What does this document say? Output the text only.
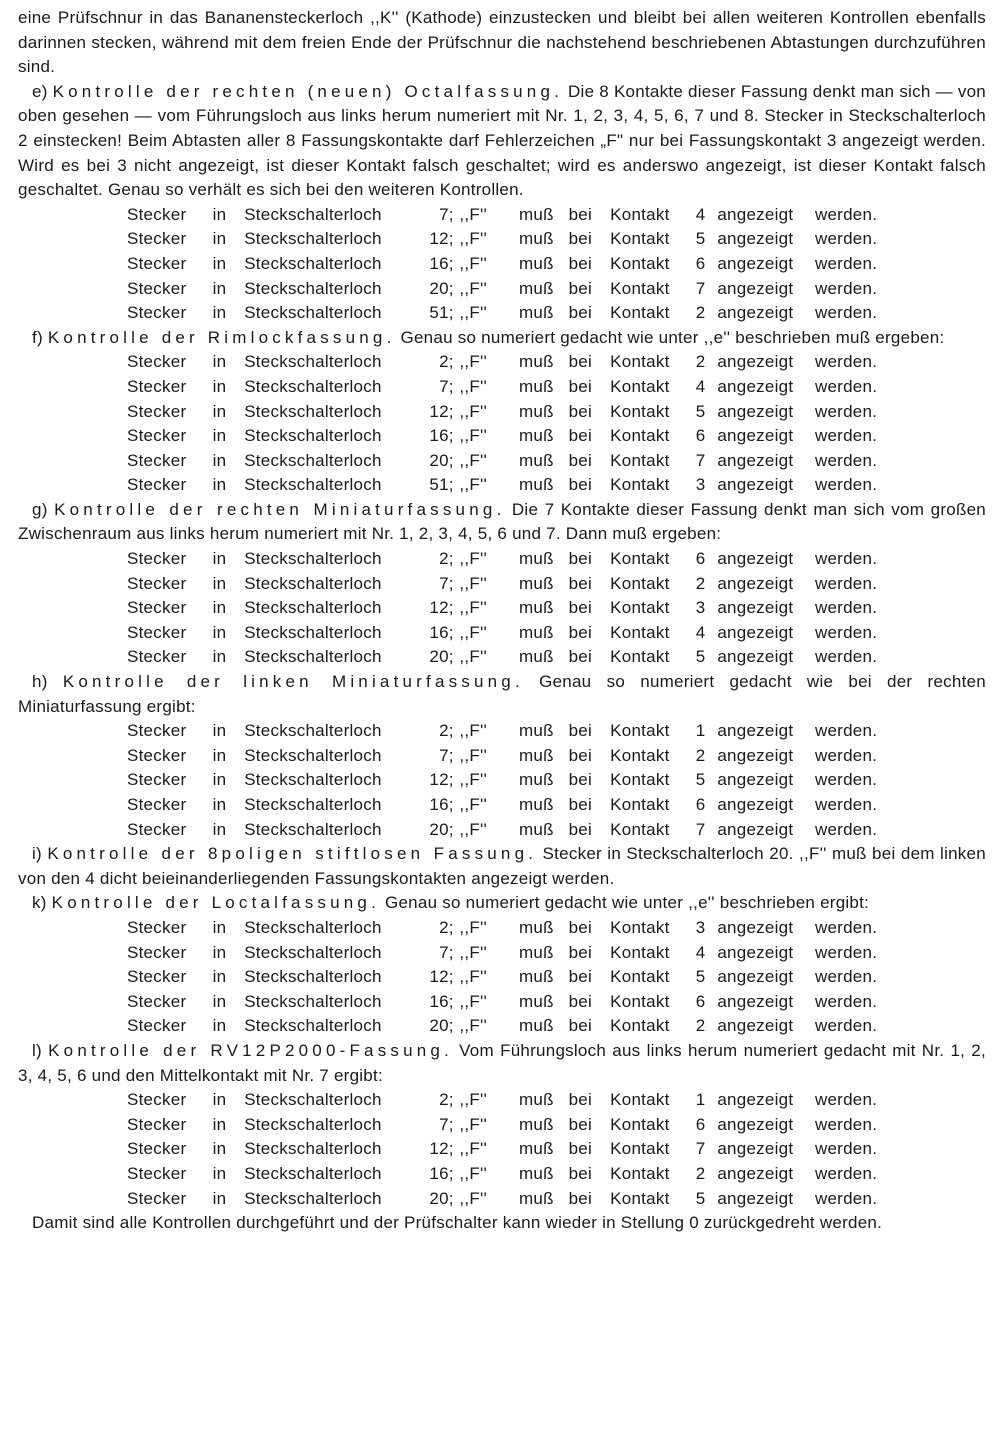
eine Prüfschnur in das Bananensteckerloch ,,K'' (Kathode) einzustecken und bleibt bei allen weiteren Kontrollen ebenfalls darinnen stecken, während mit dem freien Ende der Prüfschnur die nachstehend beschriebenen Abtastungen durchzuführen sind.

e) Kontrolle der rechten (neuen) Octalfassung. Die 8 Kontakte dieser Fassung denkt man sich — von oben gesehen — vom Führungsloch aus links herum numeriert mit Nr. 1, 2, 3, 4, 5, 6, 7 und 8. Stecker in Steckschalterloch 2 einstecken! Beim Abtasten aller 8 Fassungskontakte darf Fehlerzeichen „F" nur bei Fassungskontakt 3 angezeigt werden. Wird es bei 3 nicht angezeigt, ist dieser Kontakt falsch geschaltet; wird es anderswo angezeigt, ist dieser Kontakt falsch geschaltet. Genau so verhält es sich bei den weiteren Kontrollen.

Stecker	in	Steckschalterloch	7; ,,F''	muß bei	Kontakt	4 angezeigt	werden.
Stecker	in	Steckschalterloch	12; ,,F''	muß bei	Kontakt	5 angezeigt	werden.
Stecker	in	Steckschalterloch	16; ,,F''	muß bei	Kontakt	6 angezeigt	werden.
Stecker	in	Steckschalterloch	20; ,,F''	muß bei	Kontakt	7 angezeigt	werden.
Stecker	in	Steckschalterloch	51; ,,F''	muß bei	Kontakt	2 angezeigt	werden.

f) Kontrolle der Rimlockfassung. Genau so numeriert gedacht wie unter ,,e'' beschrieben muß ergeben:

Stecker	in	Steckschalterloch	2; ,,F''	muß bei	Kontakt	2 angezeigt	werden.
Stecker	in	Steckschalterloch	7; ,,F''	muß bei	Kontakt	4 angezeigt	werden.
Stecker	in	Steckschalterloch	12; ,,F''	muß bei	Kontakt	5 angezeigt	werden.
Stecker	in	Steckschalterloch	16; ,,F''	muß bei	Kontakt	6 angezeigt	werden.
Stecker	in	Steckschalterloch	20; ,,F''	muß bei	Kontakt	7 angezeigt	werden.
Stecker	in	Steckschalterloch	51; ,,F''	muß bei	Kontakt	3 angezeigt	werden.

g) Kontrolle der rechten Miniaturfassung. Die 7 Kontakte dieser Fassung denkt man sich vom großen Zwischenraum aus links herum numeriert mit Nr. 1, 2, 3, 4, 5, 6 und 7. Dann muß ergeben:

Stecker	in	Steckschalterloch	2; ,,F''	muß bei	Kontakt	6 angezeigt	werden.
Stecker	in	Steckschalterloch	7; ,,F''	muß bei	Kontakt	2 angezeigt	werden.
Stecker	in	Steckschalterloch	12; ,,F''	muß bei	Kontakt	3 angezeigt	werden.
Stecker	in	Steckschalterloch	16; ,,F''	muß bei	Kontakt	4 angezeigt	werden.
Stecker	in	Steckschalterloch	20; ,,F''	muß bei	Kontakt	5 angezeigt	werden.

h) Kontrolle der linken Miniaturfassung. Genau so numeriert gedacht wie bei der rechten Miniaturfassung ergibt:

Stecker	in	Steckschalterloch	2; ,,F''	muß bei	Kontakt	1 angezeigt	werden.
Stecker	in	Steckschalterloch	7; ,,F''	muß bei	Kontakt	2 angezeigt	werden.
Stecker	in	Steckschalterloch	12; ,,F''	muß bei	Kontakt	5 angezeigt	werden.
Stecker	in	Steckschalterloch	16; ,,F''	muß bei	Kontakt	6 angezeigt	werden.
Stecker	in	Steckschalterloch	20; ,,F''	muß bei	Kontakt	7 angezeigt	werden.

i) Kontrolle der 8poligen stiftlosen Fassung. Stecker in Steckschalterloch 20. ,,F'' muß bei dem linken von den 4 dicht beieinanderliegenden Fassungskontakten angezeigt werden.

k) Kontrolle der Loctalfassung. Genau so numeriert gedacht wie unter ,,e'' beschrieben ergibt:

Stecker	in	Steckschalterloch	2; ,,F''	muß bei	Kontakt	3 angezeigt	werden.
Stecker	in	Steckschalterloch	7; ,,F''	muß bei	Kontakt	4 angezeigt	werden.
Stecker	in	Steckschalterloch	12; ,,F''	muß bei	Kontakt	5 angezeigt	werden.
Stecker	in	Steckschalterloch	16; ,,F''	muß bei	Kontakt	6 angezeigt	werden.
Stecker	in	Steckschalterloch	20; ,,F''	muß bei	Kontakt	2 angezeigt	werden.

l) Kontrolle der RV12P2000-Fassung. Vom Führungsloch aus links herum numeriert gedacht mit Nr. 1, 2, 3, 4, 5, 6 und den Mittelkontakt mit Nr. 7 ergibt:

Stecker	in	Steckschalterloch	2; ,,F''	muß bei	Kontakt	1 angezeigt	werden.
Stecker	in	Steckschalterloch	7; ,,F''	muß bei	Kontakt	6 angezeigt	werden.
Stecker	in	Steckschalterloch	12; ,,F''	muß bei	Kontakt	7 angezeigt	werden.
Stecker	in	Steckschalterloch	16; ,,F''	muß bei	Kontakt	2 angezeigt	werden.
Stecker	in	Steckschalterloch	20; ,,F''	muß bei	Kontakt	5 angezeigt	werden.

Damit sind alle Kontrollen durchgeführt und der Prüfschalter kann wieder in Stellung 0 zurückgedreht werden.
